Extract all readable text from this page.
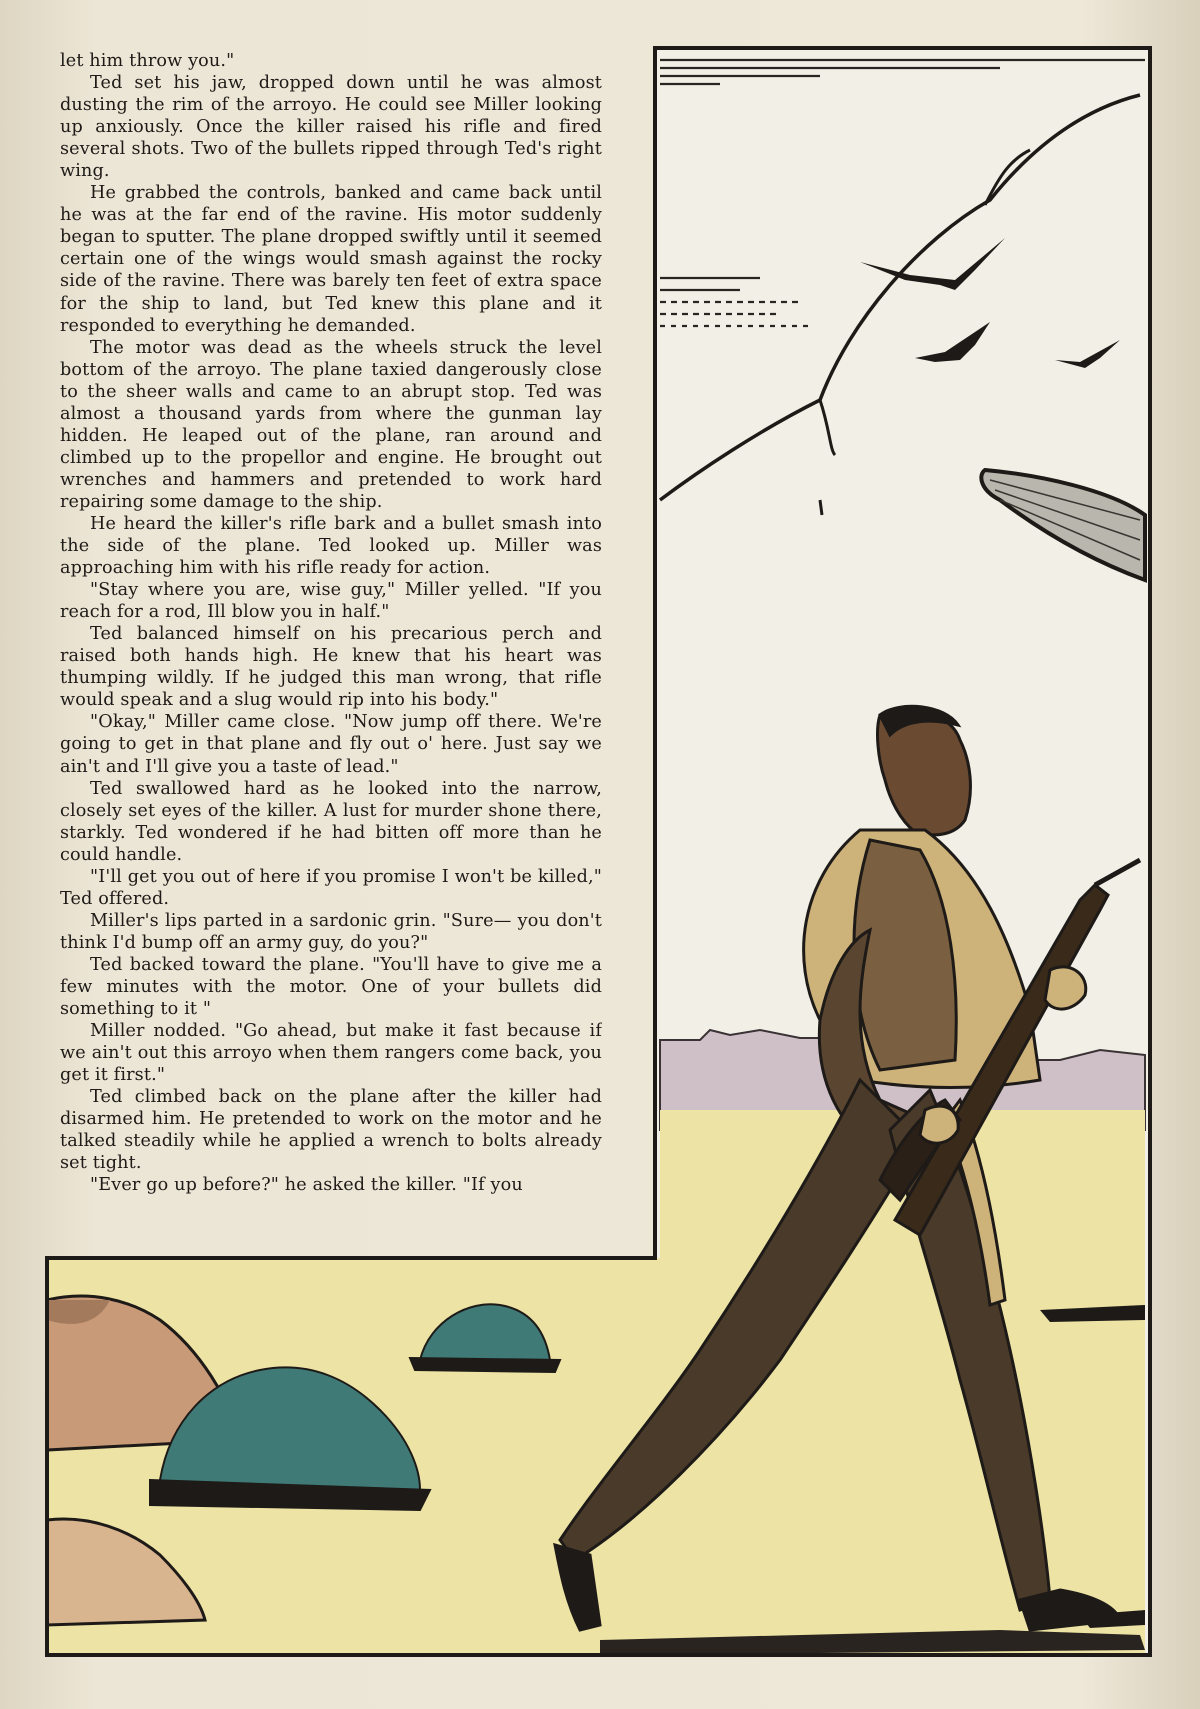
let him throw you."

Ted set his jaw, dropped down until he was almost dusting the rim of the arroyo. He could see Miller looking up anxiously. Once the killer raised his rifle and fired several shots. Two of the bullets ripped through Ted's right wing.

He grabbed the controls, banked and came back until he was at the far end of the ravine. His motor suddenly began to sputter. The plane dropped swiftly until it seemed certain one of the wings would smash against the rocky side of the ravine. There was barely ten feet of extra space for the ship to land, but Ted knew this plane and it responded to everything he demanded.

The motor was dead as the wheels struck the level bottom of the arroyo. The plane taxied dangerously close to the sheer walls and came to an abrupt stop. Ted was almost a thousand yards from where the gunman lay hidden. He leaped out of the plane, ran around and climbed up to the propellor and engine. He brought out wrenches and hammers and pretended to work hard repairing some damage to the ship.

He heard the killer's rifle bark and a bullet smash into the side of the plane. Ted looked up. Miller was approaching him with his rifle ready for action.

"Stay where you are, wise guy," Miller yelled. "If you reach for a rod, Ill blow you in half."

Ted balanced himself on his precarious perch and raised both hands high. He knew that his heart was thumping wildly. If he judged this man wrong, that rifle would speak and a slug would rip into his body."

"Okay," Miller came close. "Now jump off there. We're going to get in that plane and fly out o' here. Just say we ain't and I'll give you a taste of lead."

Ted swallowed hard as he looked into the narrow, closely set eyes of the killer. A lust for murder shone there, starkly. Ted wondered if he had bitten off more than he could handle.

"I'll get you out of here if you promise I won't be killed," Ted offered.

Miller's lips parted in a sardonic grin. "Sure— you don't think I'd bump off an army guy, do you?"

Ted backed toward the plane. "You'll have to give me a few minutes with the motor. One of your bullets did something to it "

Miller nodded. "Go ahead, but make it fast because if we ain't out this arroyo when them rangers come back, you get it first."

Ted climbed back on the plane after the killer had disarmed him. He pretended to work on the motor and he talked steadily while he applied a wrench to bolts already set tight.

"Ever go up before?" he asked the killer. "If you
